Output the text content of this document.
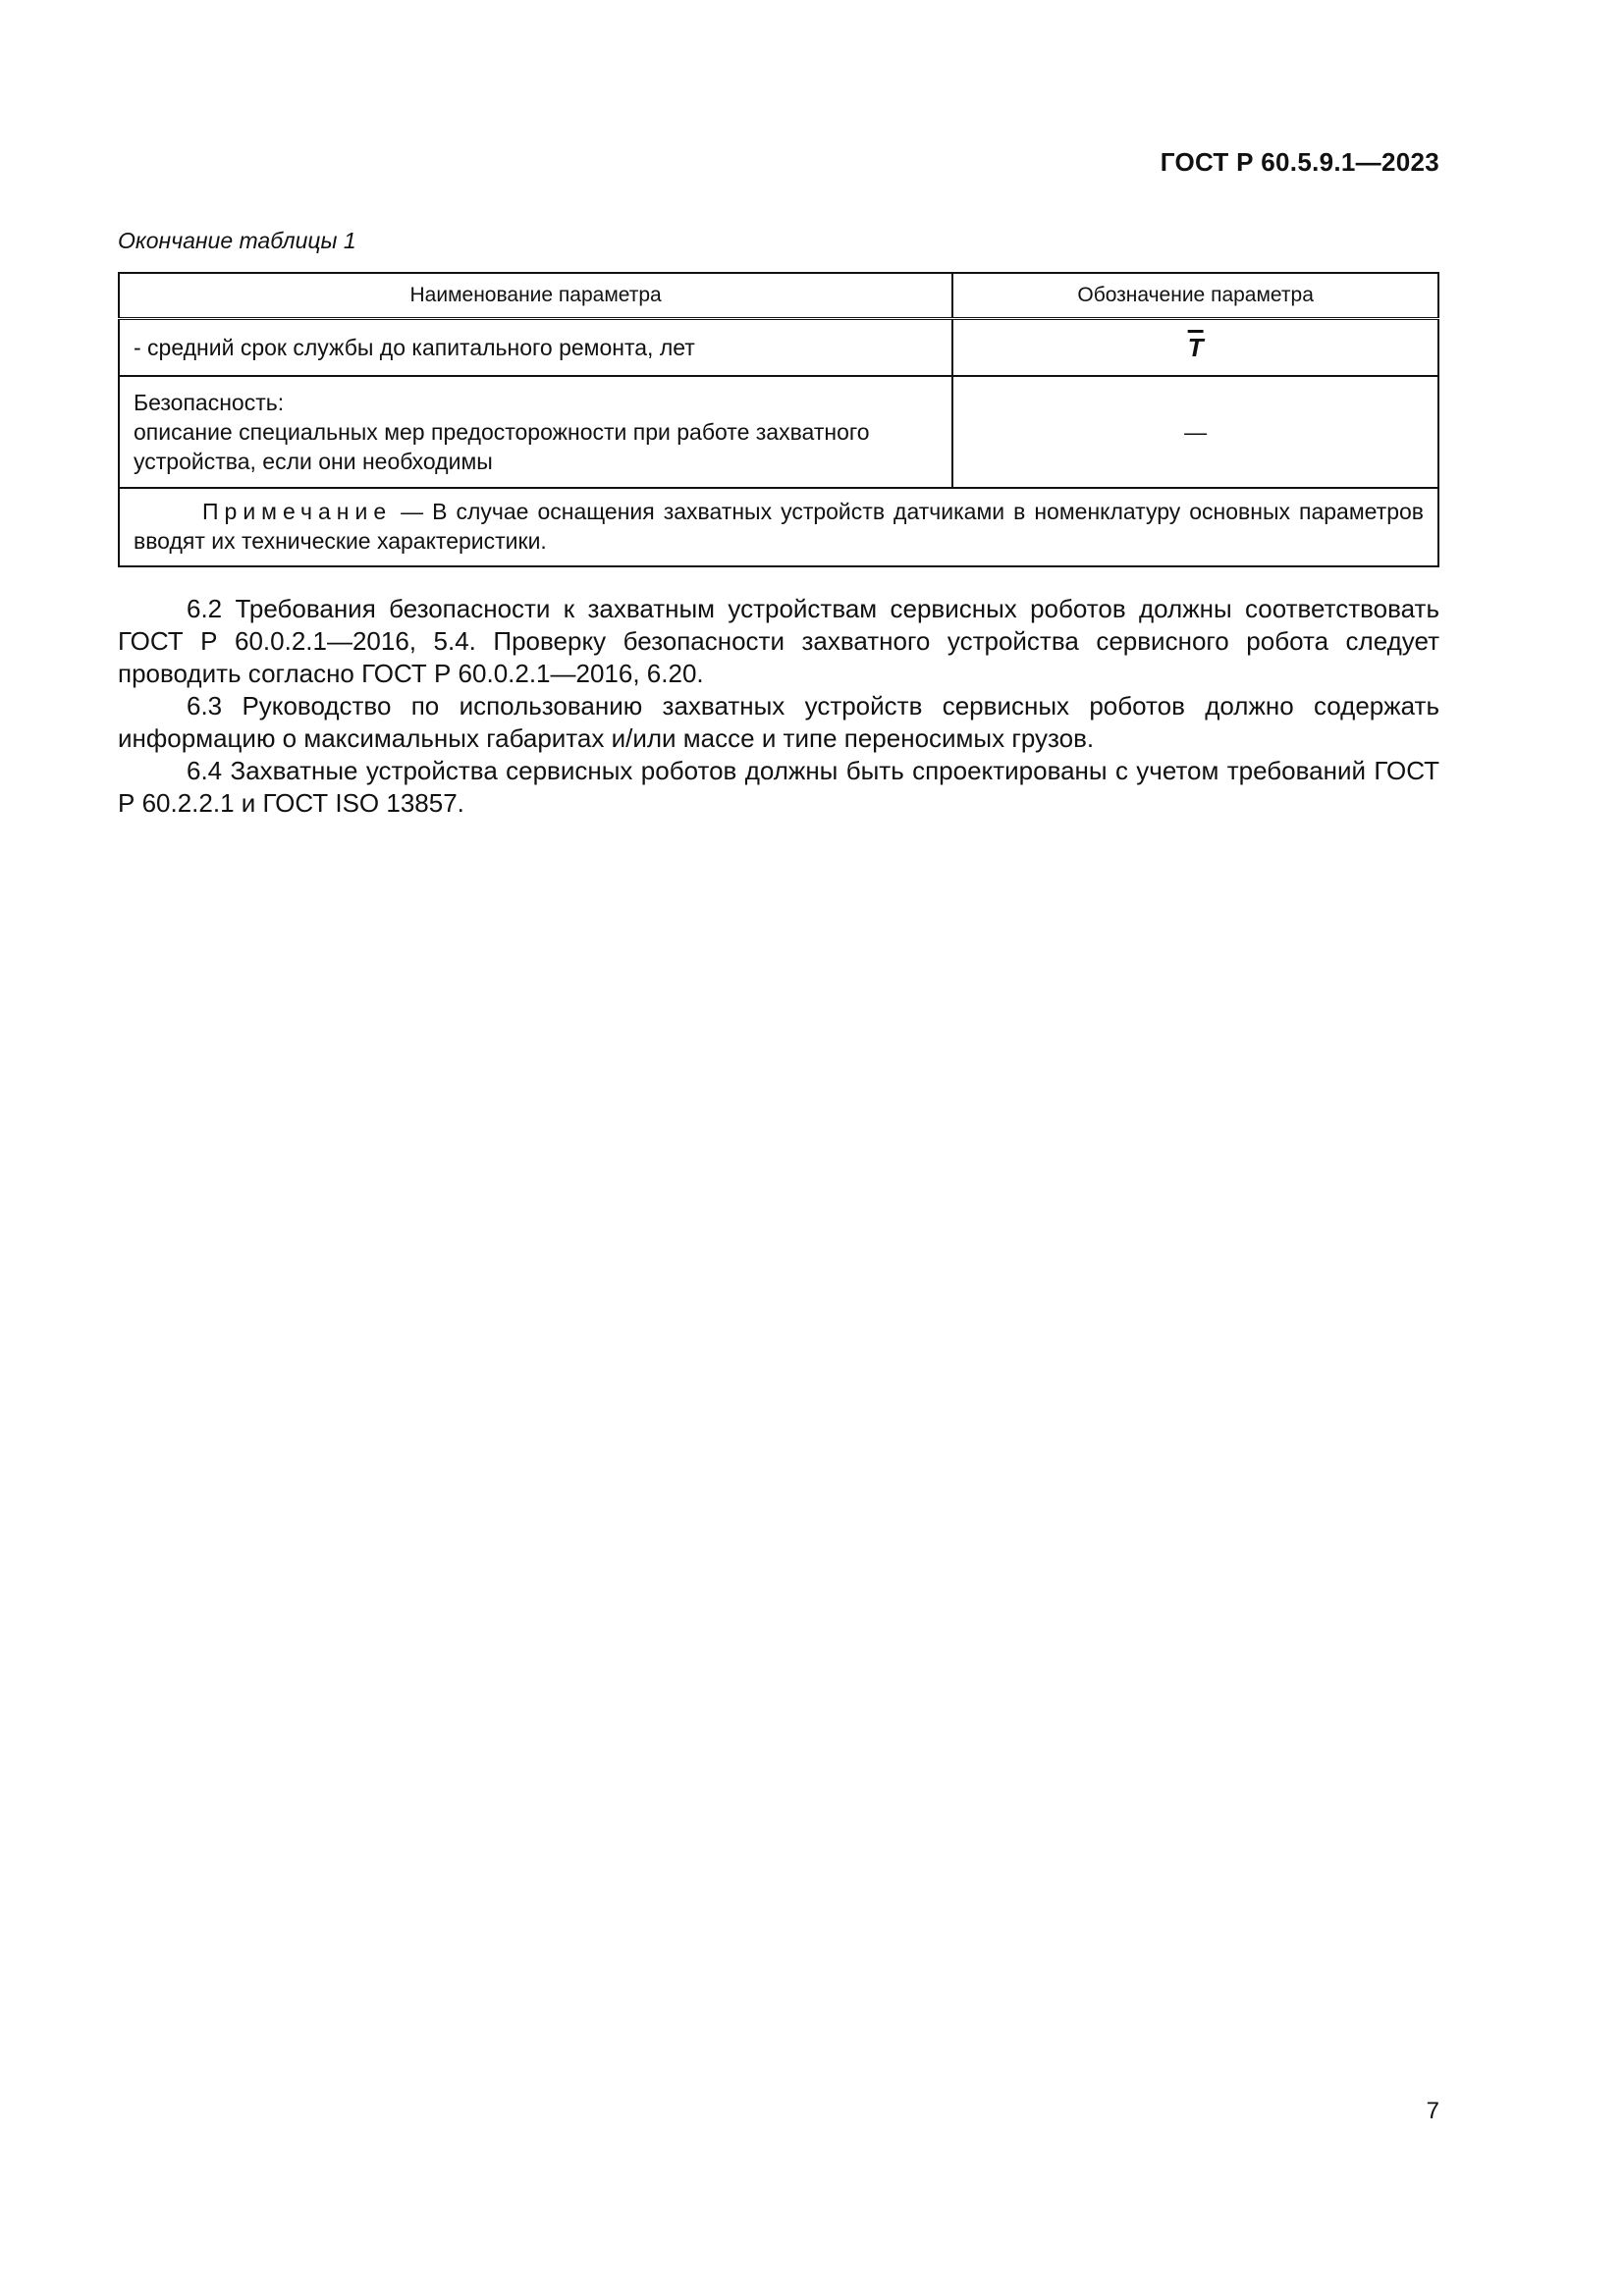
ГОСТ Р 60.5.9.1—2023
Окончание таблицы 1
Наименование параметра	Обозначение параметра
- средний срок службы до капитального ремонта, лет	$\overline{T}$

Безопасность:
описание специальных мер предосторожности при работе захватного устройства, если они необходимы	—
Примечание — В случае оснащения захватных устройств датчиками в номенклатуру основных параметров вводят их технические характеристики.	

6.2 Требования безопасности к захватным устройствам сервисных роботов должны соответствовать ГОСТ Р 60.0.2.1—2016, 5.4. Проверку безопасности захватного устройства сервисного робота следует проводить согласно ГОСТ Р 60.0.2.1—2016, 6.20.

6.3 Руководство по использованию захватных устройств сервисных роботов должно содержать информацию о максимальных габаритах и/или массе и типе переносимых грузов.

6.4 Захватные устройства сервисных роботов должны быть спроектированы с учетом требований ГОСТ Р 60.2.2.1 и ГОСТ ISO 13857.

7
